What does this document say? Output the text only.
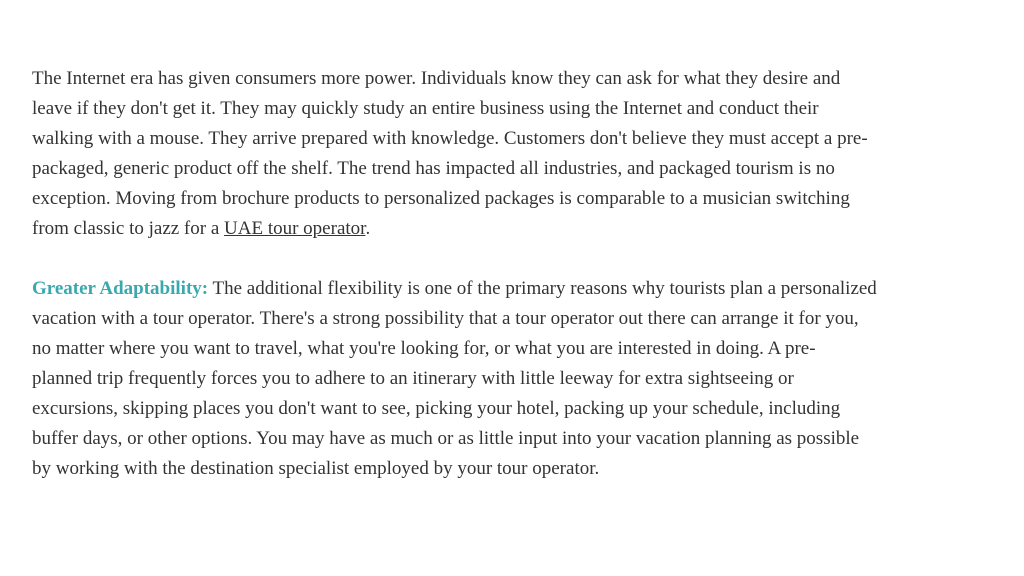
The Internet era has given consumers more power. Individuals know they can ask for what they desire and
leave if they don't get it. They may quickly study an entire business using the Internet and conduct their
walking with a mouse. They arrive prepared with knowledge. Customers don't believe they must accept a pre-
packaged, generic product off the shelf. The trend has impacted all industries, and packaged tourism is no
exception. Moving from brochure products to personalized packages is comparable to a musician switching
from classic to jazz for a UAE tour operator.

Greater Adaptability: The additional flexibility is one of the primary reasons why tourists plan a personalized
vacation with a tour operator. There's a strong possibility that a tour operator out there can arrange it for you,
no matter where you want to travel, what you're looking for, or what you are interested in doing. A pre-
planned trip frequently forces you to adhere to an itinerary with little leeway for extra sightseeing or
excursions, skipping places you don't want to see, picking your hotel, packing up your schedule, including
buffer days, or other options. You may have as much or as little input into your vacation planning as possible
by working with the destination specialist employed by your tour operator.
